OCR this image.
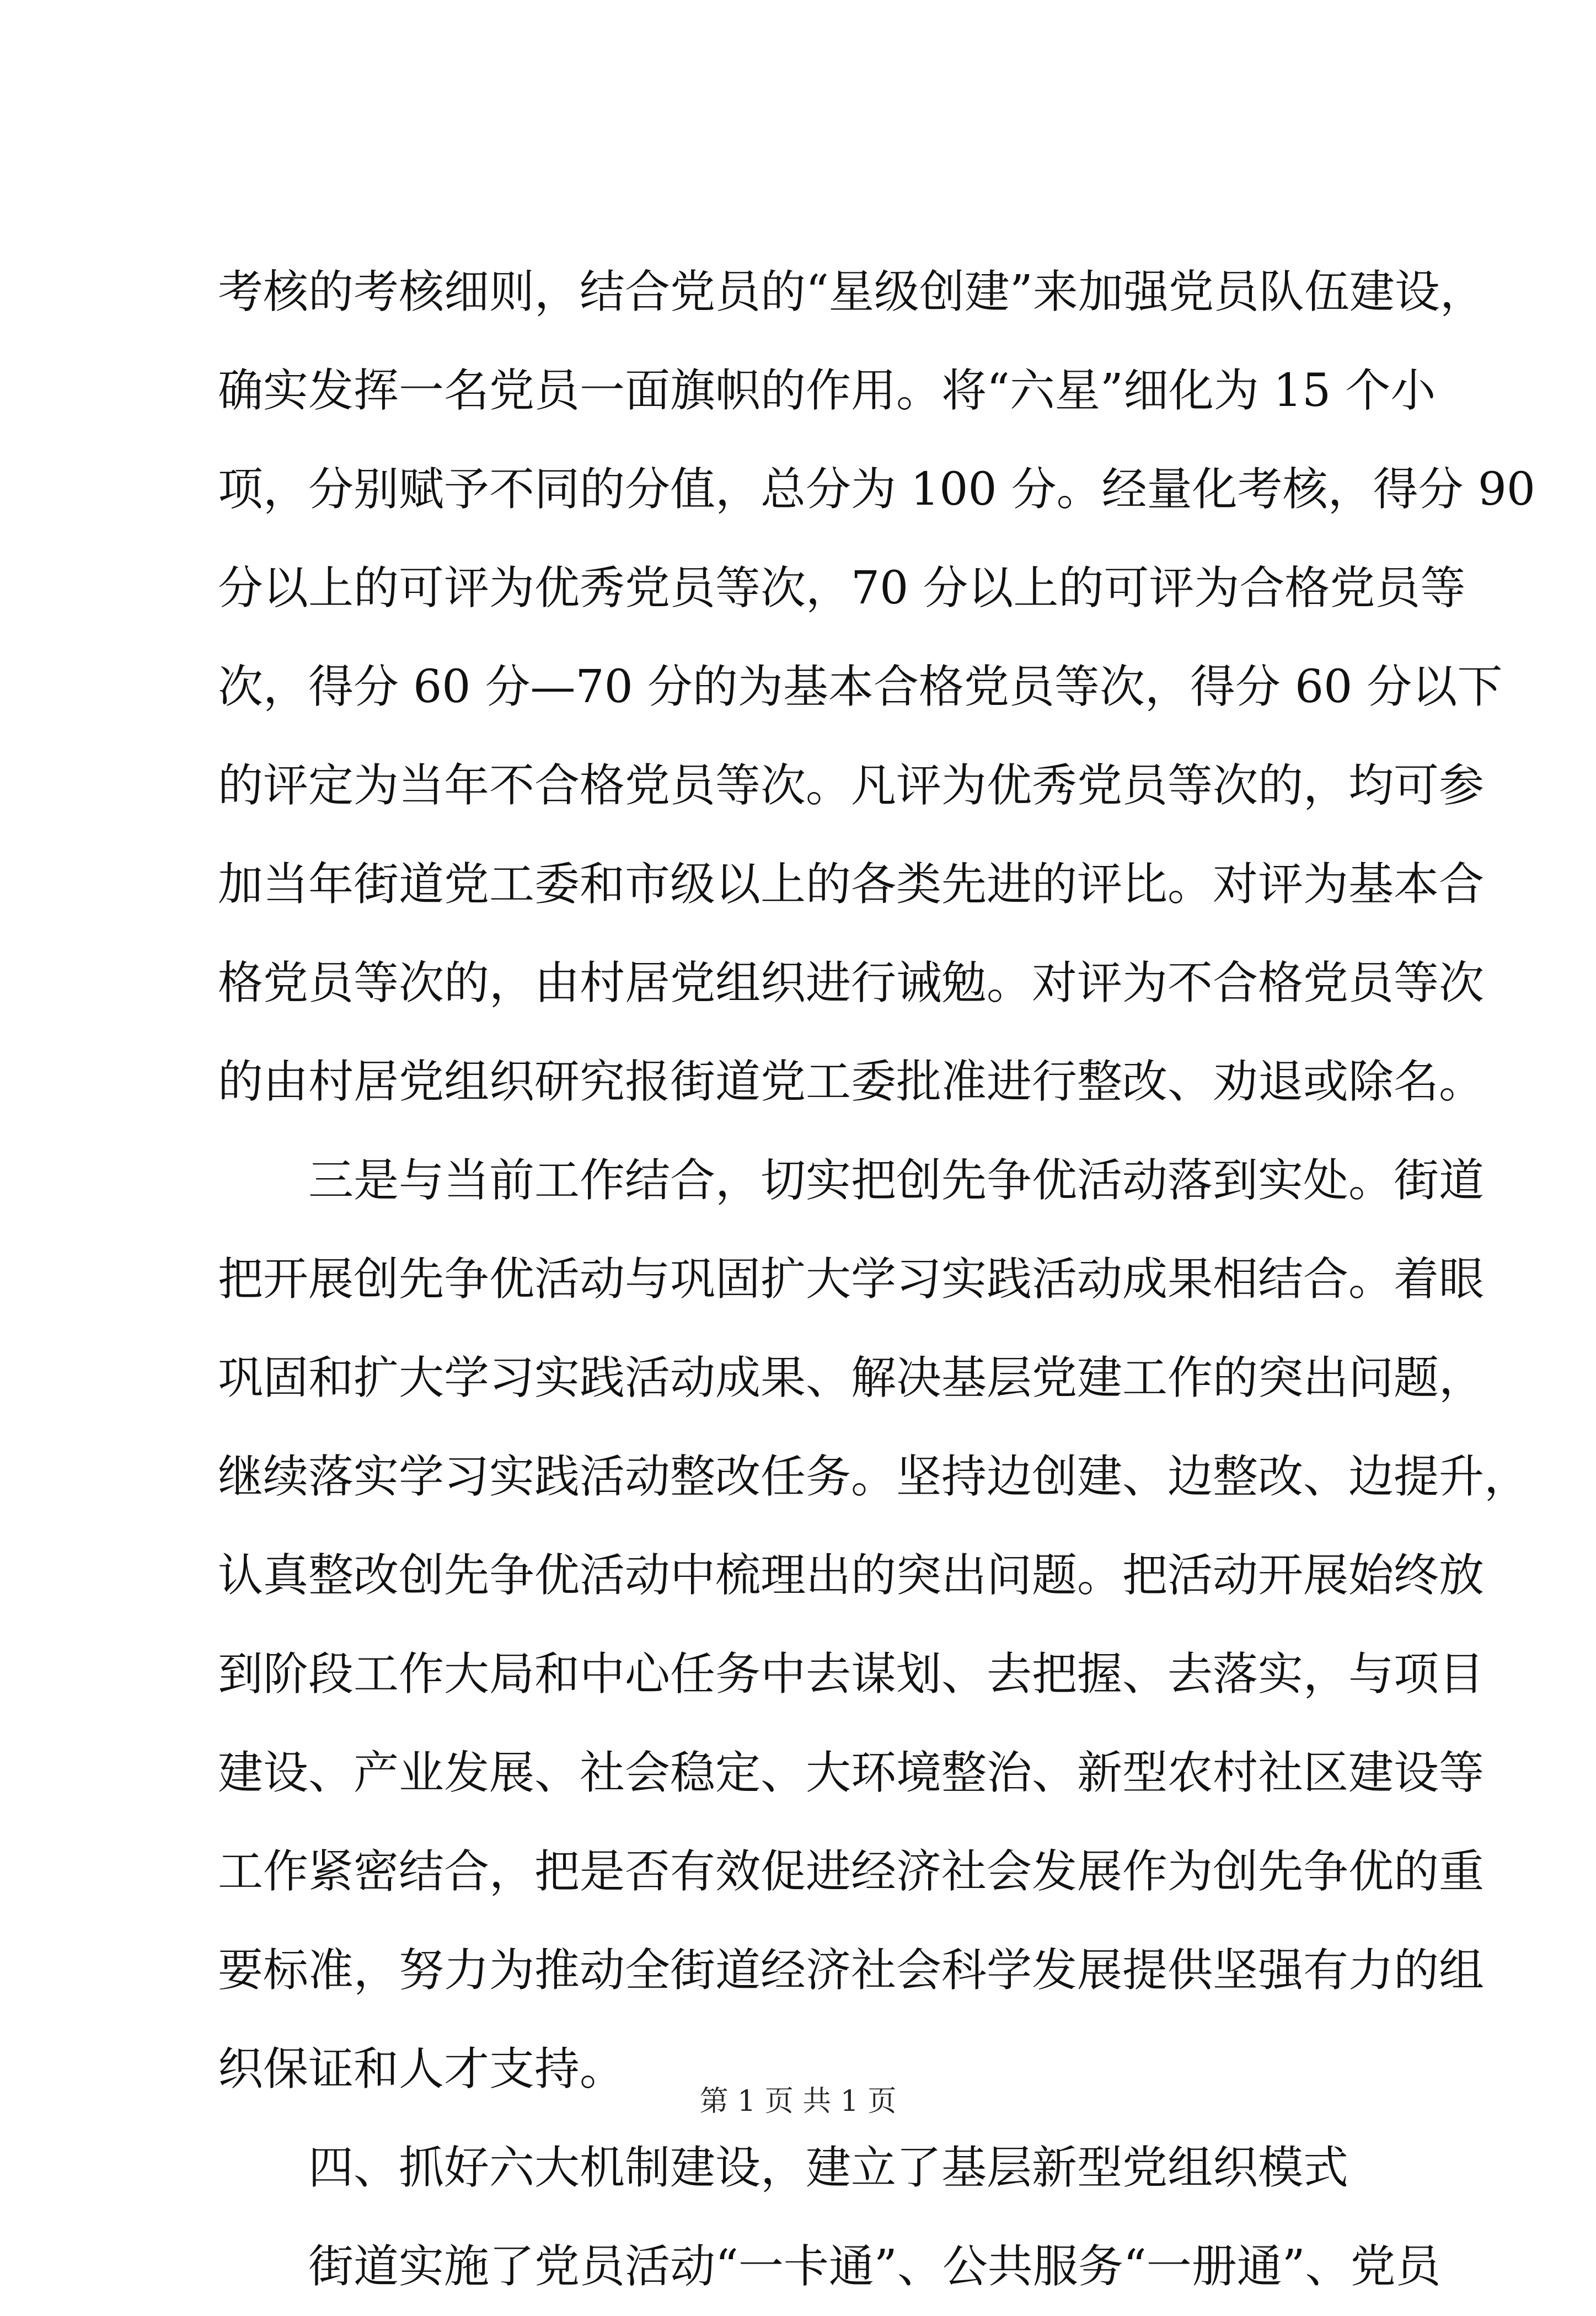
考核的考核细则，结合党员的“星级创建”来加强党员队伍建设，
确实发挥一名党员一面旗帜的作用。将“六星”细化为 15 个小
项，分别赋予不同的分值，总分为 100 分。经量化考核，得分 90
分以上的可评为优秀党员等次，70 分以上的可评为合格党员等
次，得分 60 分—70 分的为基本合格党员等次，得分 60 分以下
的评定为当年不合格党员等次。凡评为优秀党员等次的，均可参
加当年街道党工委和市级以上的各类先进的评比。对评为基本合
格党员等次的，由村居党组织进行诫勉。对评为不合格党员等次
的由村居党组织研究报街道党工委批准进行整改、劝退或除名。
三是与当前工作结合，切实把创先争优活动落到实处。街道
把开展创先争优活动与巩固扩大学习实践活动成果相结合。着眼
巩固和扩大学习实践活动成果、解决基层党建工作的突出问题，
继续落实学习实践活动整改任务。坚持边创建、边整改、边提升，
认真整改创先争优活动中梳理出的突出问题。把活动开展始终放
到阶段工作大局和中心任务中去谋划、去把握、去落实，与项目
建设、产业发展、社会稳定、大环境整治、新型农村社区建设等
工作紧密结合，把是否有效促进经济社会发展作为创先争优的重
要标准，努力为推动全街道经济社会科学发展提供坚强有力的组
织保证和人才支持。
四、抓好六大机制建设，建立了基层新型党组织模式
街道实施了党员活动“一卡通”、公共服务“一册通”、党员
第 1 页 共 1 页
